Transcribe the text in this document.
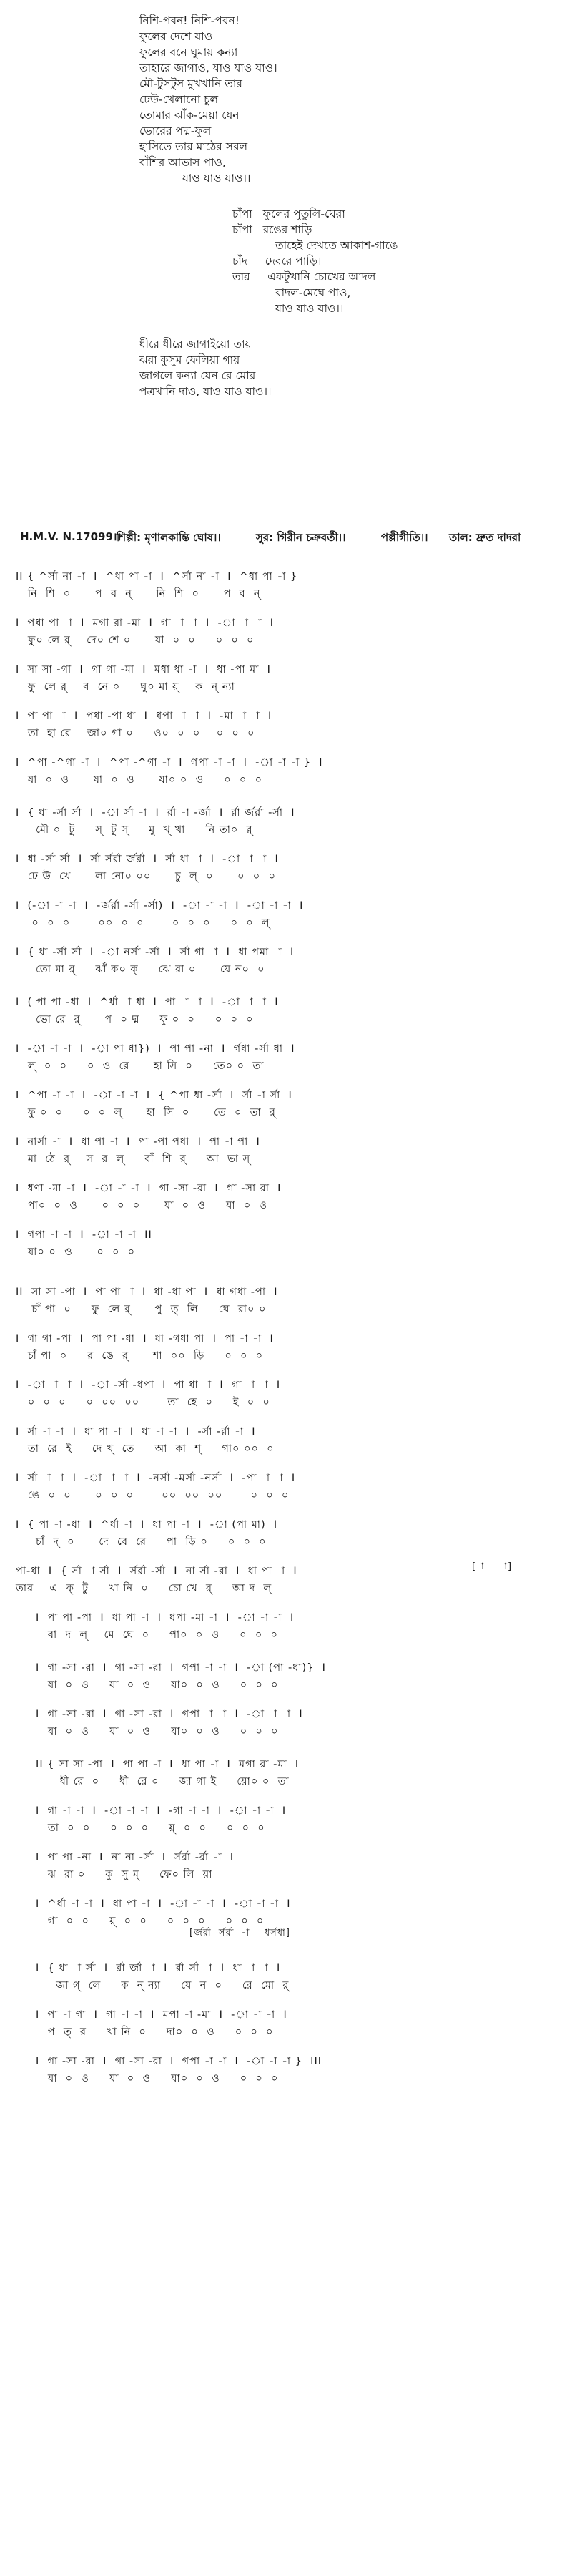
নিশি-পবন! নিশি-পবন!
ফুলের দেশে যাও
ফুলের বনে ঘুমায় কন্যা
তাহারে জাগাও, যাও যাও যাও।
মৌ-টুসটুস মুখখানি তার
ঢেউ-খেলানো চুল
তোমার ঝাঁক-মেয়া যেন
ভোরের পদ্ম-ফুল
হাসিতে তার মাঠের সরল
বাঁশির আভাস পাও,
যাও যাও যাও।।
চাঁপা   ফুলের পুতুলি-ঘেরা
চাঁপা   রঙের শাড়ি
তাহেই দেখতে আকাশ-গাঙে
চাঁদ     দেবরে পাড়ি।
তার     একটুখানি চোখের আদল
বাদল-মেঘে পাও,
যাও যাও যাও।।
ধীরে ধীরে জাগাইয়ো তায়
ঝরা কুসুম ফেলিয়া গায়
জাগলে কন্যা যেন রে মোর
পত্রখানি দাও, যাও যাও যাও।।
H.M.V. N.17099।।
শিল্পী: মৃণালকান্তি ঘোষ।।	সুর: গিরীন চক্রবর্তী।।	পল্লীগীতি।। তাল: দ্রুত দাদরা
II { ^র্সা না -া  I  ^ধা পা -া  I  ^র্সা না -া  I  ^ধা পা -া }
নি  শি  ০      প  ব  ন্      নি  শি  ০      প  ব  ন্
I  পধা পা -া  I  মগা রা -মা  I  গা -া -া  I  -া -া -া  I
ফু০ লে র্    দে০ শে ০      যা  ০  ০     ০  ০  ০
I  সা সা -গা  I  গা গা -মা  I  মধা ধা -া  I  ধা -পা মা  I
ফু  লে র্    ব  নে ০     ঘু০ মা য়্    ক  ন্ ন্যা
I  পা পা -া  I  পধা -পা ধা  I  ধপা -া -া  I  -মা -া -া  I
তা  হা রে    জা০ গা ০     ও০  ০  ০    ০  ০  ০
I  ^পা -^গা -া  I  ^পা -^গা -া  I  গপা -া -া  I  -া -া -া }  I
যা  ০  ও      যা  ০  ও      যা০ ০  ও     ০  ০  ০
I  { ধা -র্সা র্সা  I  -া র্সা -া  I  র্রা -া -র্জা  I  র্রা র্জর্রা -র্সা  I
মৌ ০  টু     স্  টু স্     মু  খ্ খা     নি তা০  র্
I  ধা -র্সা র্সা  I  র্সা র্সর্রা র্জর্রা  I  র্সা ধা -া  I  -া -া -া  I
ঢে উ  খে      লা নো০ ০০      চু  ল্  ০      ০  ০  ০
I  (-া -া -া  I  -র্জর্রা -র্সা -র্সা)  I  -া -া -া  I  -া -া -া  I
০  ০  ০       ০০  ০  ০       ০  ০  ০     ০  ০  ল্
I  { ধা -র্সা র্সা  I  -া নর্সা -র্সা  I  র্সা গা -া  I  ধা পমা -া  I
তো মা র্     ঝাঁ ক০ ক্     ঝে রা ০      যে ন০  ০
I  ( পা পা -ধা  I  ^র্ধা -া ধা  I  পা -া -া  I  -া -া -া  I
ভো রে  র্      প  ০ দ্ম     ফু ০  ০     ০  ০  ০
I  -া -া -া  I  -া পা ধা})  I  পা পা -না  I  র্গধা -র্সা ধা  I
ল্  ০  ০     ০  ও  রে      হা সি  ০     তে০ ০  তা
I  ^পা -া -া  I  -া -া -া  I  { ^পা ধা -র্সা  I  র্সা -া র্সা  I
ফু ০  ০     ০  ০  ল্      হা  সি  ০      তে  ০  তা  র্
I  নার্সা -া  I  ধা পা -া  I  পা -পা পধা  I  পা -া পা  I
মা  ঠে  র্    স  র  ল্     বাঁ  শি  র্     আ  ভা স্
I  ধণা -মা -া  I  -া -া -া  I  গা -সা -রা  I  গা -সা রা  I
পা০  ০  ও      ০  ০  ০      যা  ০  ও     যা  ০  ও
I  গপা -া -া  I  -া -া -া  II
যা০ ০  ও      ০  ০  ০
II  সা সা -পা  I  পা পা -া  I  ধা -ধা পা  I  ধা গধা -পা  I
চাঁ পা  ০     ফু  লে র্      পু  ত্  লি     ঘে  রা০ ০
I  গা গা -পা  I  পা পা -ধা  I  ধা -গধা পা  I  পা -া -া  I
চাঁ পা  ০     র  ঙে  র্      শা  ০০  ড়ি     ০  ০  ০
I  -া -া -া  I  -া -র্সা -ধপা  I  পা ধা -া  I  গা -া -া  I
০  ০  ০     ০  ০০  ০০       তা  হে  ০     ই  ০  ০
I  র্সা -া -া  I  ধা পা -া  I  ধা -া -া  I  -র্সা -র্রা -া  I
তা  রে  ই     দে খ্  তে     আ  কা  শ্     গা০ ০০  ০
I  র্সা -া -া  I  -া -া -া  I  -নর্সা -মর্সা -নর্সা  I  -পা -া -া  I
ঙে  ০  ০      ০  ০  ০       ০০  ০০  ০০       ০  ০  ০
I  { পা -া -ধা  I  ^র্ধা -া  I  ধা পা -া  I  -া (পা মা)  I
চাঁ  দ্  ০      দে  বে  রে     পা  ড়ি ০     ০  ০  ০
পা-ধা  I  { র্সা -া র্সা  I  র্সর্রা -র্সা  I  না র্সা -রা  I  ধা পা -া  I
তার    এ  ক্  টু     খা নি  ০     চো খে  র্     আ দ  ল্
I  পা পা -পা  I  ধা পা -া  I  ধপা -মা -া  I  -া -া -া  I
বা  দ  ল্    মে  ঘে  ০     পা০  ০  ও     ০  ০  ০
I  গা -সা -রা  I  গা -সা -রা  I  গপা -া -া  I  -া (পা -ধা)}  I
যা  ০  ও     যা  ০  ও     যা০  ০  ও     ০  ০  ০
I  গা -সা -রা  I  গা -সা -রা  I  গপা -া -া  I  -া -া -া  I
যা  ০  ও     যা  ০  ও     যা০  ০  ও     ০  ০  ০
II { সা সা -পা  I  পা পা -া  I  ধা পা -া  I  মগা রা -মা  I
ধী রে  ০     ধী  রে ০     জা গা ই     য়ো০ ০  তা
I  গা -া -া  I  -া -া -া  I  -গা -া -া  I  -া -া -া  I
তা  ০  ০     ০  ০  ০     য়্  ০  ০     ০  ০  ০
I  পা পা -না  I  না না -র্সা  I  র্সর্রা -র্রা -া  I
ঝ  রা ০     কু  সু ম্     ফে০ লি  য়া
I  ^র্ধা -া -া  I  ধা পা -া  I  -া -া -া  I  -া -া -া  I
গা  ০  ০     য়্  ০  ০     ০  ০  ০     ০  ০  ০
I  { ধা -া র্সা  I  র্রা র্জা -া  I  র্রা র্সা -া  I  ধা -া -া  I
জা গ্  লে     ক  ন্ ন্যা     যে  ন  ০     রে  মো  র্
I  পা -া গা  I  গা -া -া  I  মপা -া -মা  I  -া -া -া  I
প  ত্  র     খা নি  ০     দা০  ০  ও     ০  ০  ০
I  গা -সা -রা  I  গা -সা -রা  I  গপা -া -া  I  -া -া -া }  III
যা  ০  ও     যা  ০  ও     যা০  ০  ও     ০  ০  ০
[-া    -া]
[র্জর্রা  র্সর্রা  -া    ধর্সধা]
